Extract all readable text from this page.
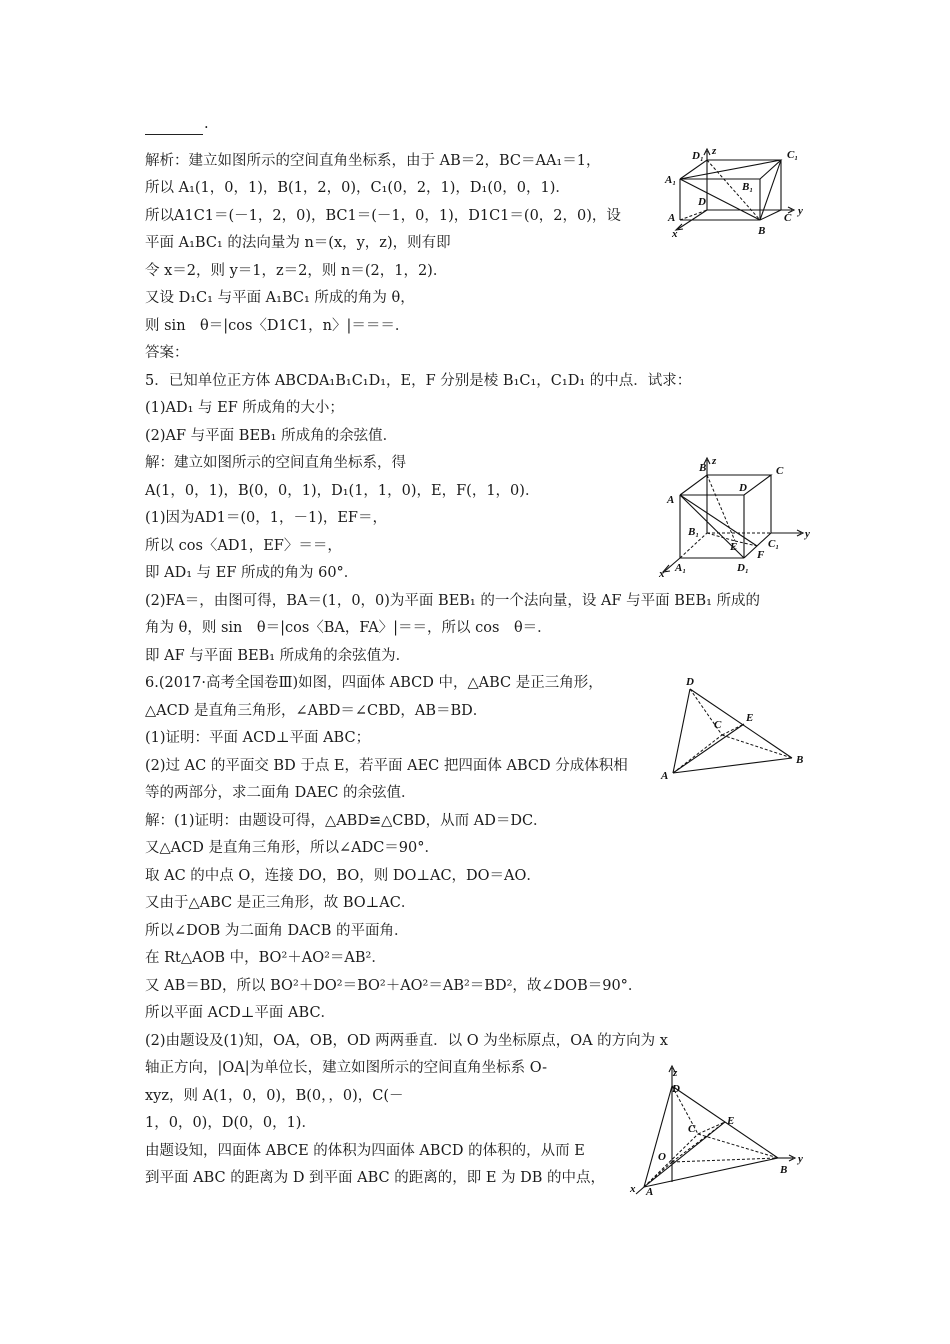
.
解析：建立如图所示的空间直角坐标系，由于 AB＝2，BC＝AA₁＝1，
所以 A₁(1，0，1)，B(1，2，0)，C₁(0，2，1)，D₁(0，0，1)．
所以A1C1＝(－1，2，0)，BC1＝(－1，0，1)，D1C1＝(0，2，0)，设
平面 A₁BC₁ 的法向量为 n＝(x，y，z)，则有即
令 x＝2，则 y＝1，z＝2，则 n＝(2，1，2)．
又设 D₁C₁ 与平面 A₁BC₁ 所成的角为 θ，
则 sin　θ＝|cos〈D1C1，n〉|＝＝＝．
答案：
5．已知单位正方体 ABCDA₁B₁C₁D₁，E，F 分别是棱 B₁C₁，C₁D₁ 的中点．试求：
(1)AD₁ 与 EF 所成角的大小；
(2)AF 与平面 BEB₁ 所成角的余弦值．
解：建立如图所示的空间直角坐标系，得
A(1，0，1)，B(0，0，1)，D₁(1，1，0)，E，F(，1，0)．
(1)因为AD1＝(0，1，－1)，EF＝，
所以 cos〈AD1，EF〉＝＝，
即 AD₁ 与 EF 所成的角为 60°．
(2)FA＝，由图可得，BA＝(1，0，0)为平面 BEB₁ 的一个法向量，设 AF 与平面 BEB₁ 所成的
角为 θ，则 sin　θ＝|cos〈BA，FA〉|＝＝，所以 cos　θ＝．
即 AF 与平面 BEB₁ 所成角的余弦值为．
6.(2017·高考全国卷Ⅲ)如图，四面体 ABCD 中，△ABC 是正三角形，
△ACD 是直角三角形，∠ABD＝∠CBD，AB＝BD．
(1)证明：平面 ACD⊥平面 ABC；
(2)过 AC 的平面交 BD 于点 E，若平面 AEC 把四面体 ABCD 分成体积相
等的两部分，求二面角 DAEC 的余弦值．
解：(1)证明：由题设可得，△ABD≌△CBD，从而 AD＝DC．
又△ACD 是直角三角形，所以∠ADC＝90°．
取 AC 的中点 O，连接 DO，BO，则 DO⊥AC，DO＝AO．
又由于△ABC 是正三角形，故 BO⊥AC．
所以∠DOB 为二面角 DACB 的平面角．
在 Rt△AOB 中，BO²＋AO²＝AB²．
又 AB＝BD，所以 BO²＋DO²＝BO²＋AO²＝AB²＝BD²，故∠DOB＝90°．
所以平面 ACD⊥平面 ABC．
(2)由题设及(1)知，OA，OB，OD 两两垂直．以 O 为坐标原点，OA 的方向为 x
轴正方向，|OA|为单位长，建立如图所示的空间直角坐标系 O-
xyz，则 A(1，0，0)，B(0，，0)，C(－
1，0，0)，D(0，0，1)．
由题设知，四面体 ABCE 的体积为四面体 ABCD 的体积的，从而 E
到平面 ABC 的距离为 D 到平面 ABC 的距离的，即 E 为 DB 的中点，
D₁ z	C₁
A₁
B₁
D
A	C
y
B
x
B
z
C
D
A
B₁
E	C₁
F
y
x A₁	D₁
D
C
E
A
B
z
D
C
E
O
B
y
x A
